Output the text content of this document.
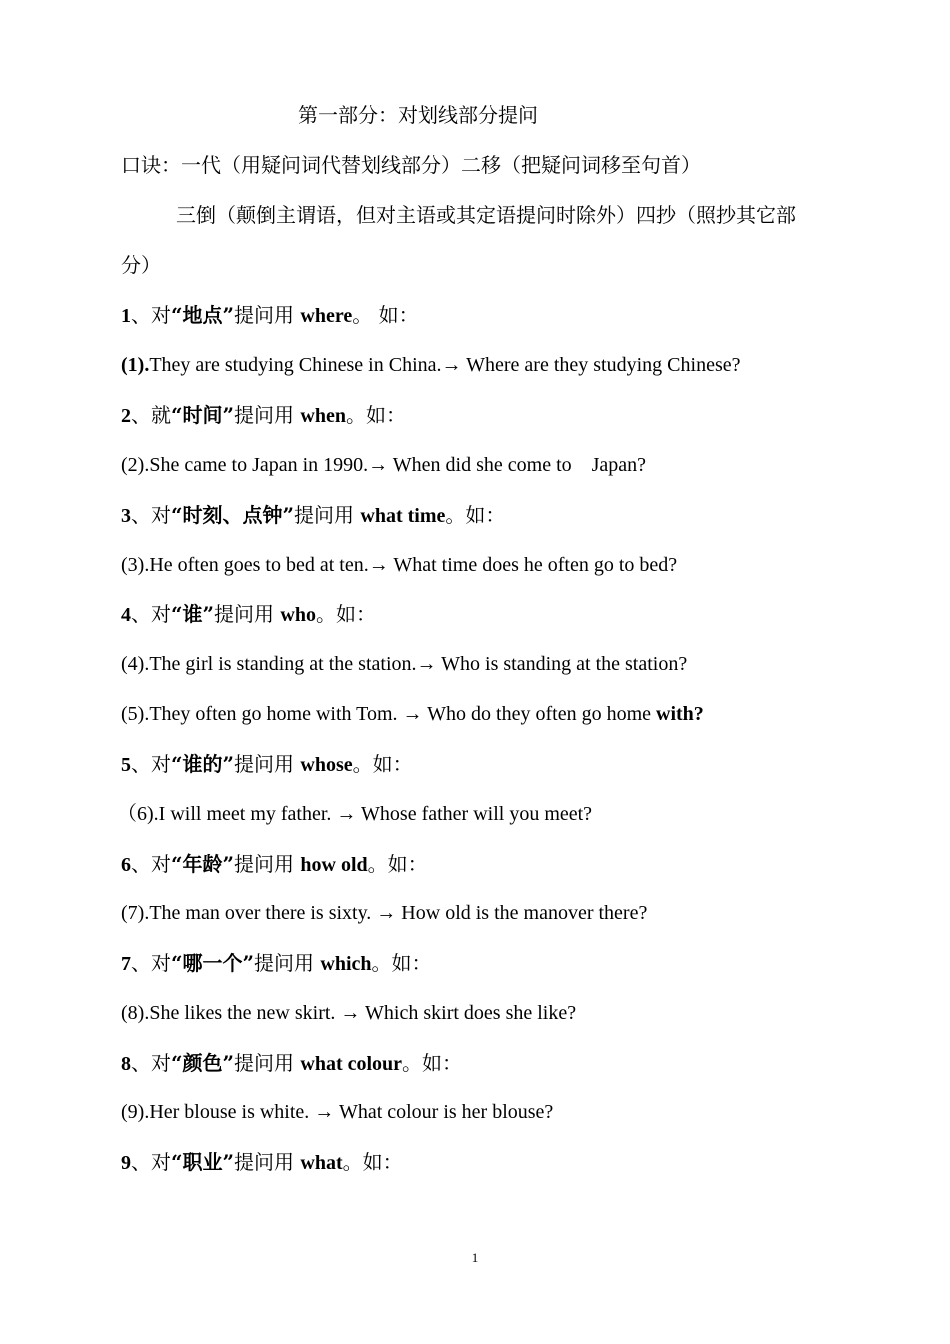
第一部分：对划线部分提问
口诀：一代（用疑问词代替划线部分）二移（把疑问词移至句首）
三倒（颠倒主谓语，但对主语或其定语提问时除外）四抄（照抄其它部
分）
1、对“地点”提问用 where。 如：
(1).They are studying Chinese in China.→ Where are they studying Chinese?
2、就“时间”提问用 when。如：
(2).She came to Japan in 1990.→ When did she come to    Japan?
3、对“时刻、点钟”提问用 what time。如：
(3).He often goes to bed at ten.→ What time does he often go to bed?
4、对“谁”提问用 who。如：
(4).The girl is standing at the station.→ Who is standing at the station?
(5).They often go home with Tom. → Who do they often go home with?
5、对“谁的”提问用 whose。如：
（6).I will meet my father. → Whose father will you meet?
6、对“年龄”提问用 how old。如：
(7).The man over there is sixty. → How old is the manover there?
7、对“哪一个”提问用 which。如：
(8).She likes the new skirt. → Which skirt does she like?
8、对“颜色”提问用 what colour。如：
(9).Her blouse is white. → What colour is her blouse?
9、对“职业”提问用 what。如：
1
